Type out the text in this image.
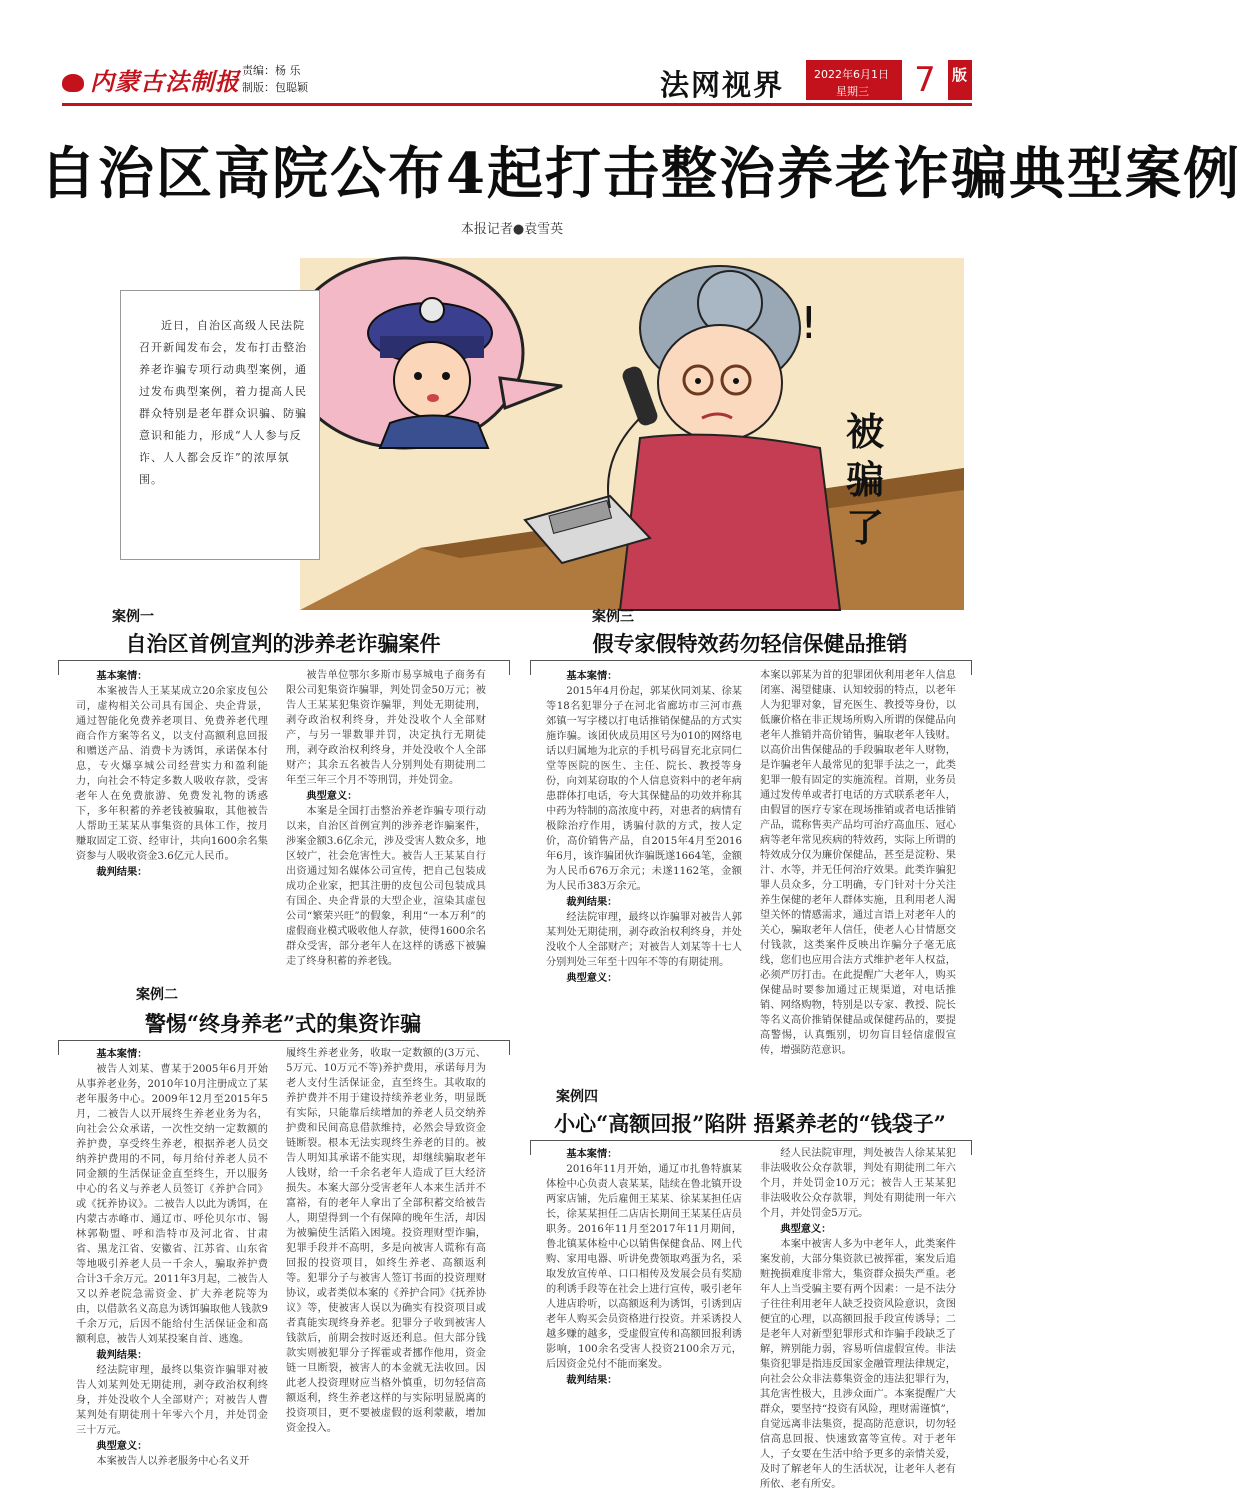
内蒙古法制报 责编：杨 乐
制版：包聪颖	法网视界	2022年6月1日
星期三	7	版
自治区高院公布4起打击整治养老诈骗典型案例
本报记者●袁雪英
!
被骗了
近日，自治区高级人民法院召开新闻发布会，发布打击整治养老诈骗专项行动典型案例，通过发布典型案例，着力提高人民群众特别是老年群众识骗、防骗意识和能力，形成“人人参与反诈、人人都会反诈”的浓厚氛围。
案例一
自治区首例宣判的涉养老诈骗案件

基本案情：

本案被告人王某某成立20余家皮包公司，虚构相关公司具有国企、央企背景，通过智能化免费养老项目、免费养老代理商合作方案等名义，以支付高额利息回报和赠送产品、消费卡为诱饵，承诺保本付息，专火爆享城公司经营实力和盈利能力，向社会不特定多数人吸收存款，受害老年人在免费旅游、免费发礼物的诱惑下，多年积蓄的养老钱被骗取，其他被告人帮助王某某从事集资的具体工作，按月赚取固定工资、经审计，共向1600余名集资参与人吸收资金3.6亿元人民币。

裁判结果：

被告单位鄂尔多斯市易享城电子商务有限公司犯集资诈骗罪，判处罚金50万元；被告人王某某犯集资诈骗罪，判处无期徒刑，剥夺政治权利终身，并处没收个人全部财产，与另一罪数罪并罚，决定执行无期徒刑，剥夺政治权利终身，并处没收个人全部财产；其余五名被告人分别判处有期徒刑二年至三年三个月不等刑罚，并处罚金。

典型意义：

本案是全国打击整治养老诈骗专项行动以来，自治区首例宣判的涉养老诈骗案件，涉案金额3.6亿余元，涉及受害人数众多，地区较广，社会危害性大。被告人王某某自行出资通过知名媒体公司宣传，把自己包装成成功企业家，把其注册的皮包公司包装成具有国企、央企背景的大型企业，渲染其虚包公司“繁荣兴旺”的假象，利用“一本万利”的虚假商业模式吸收他人存款，使得1600余名群众受害，部分老年人在这样的诱惑下被骗走了终身积蓄的养老钱。

案例二
警惕“终身养老”式的集资诈骗

基本案情：

被告人刘某、曹某于2005年6月开始从事养老业务，2010年10月注册成立了某老年服务中心。2009年12月至2015年5月，二被告人以开展终生养老业务为名，向社会公众承诺，一次性交纳一定数额的养护费，享受终生养老，根据养老人员交纳养护费用的不同，每月给付养老人员不同金额的生活保证金直至终生，开以服务中心的名义与养老人员签订《养护合同》或《抚养协议》。二被告人以此为诱饵，在内蒙古赤峰市、通辽市、呼伦贝尔市、锡林郭勒盟、呼和浩特市及河北省、甘肃省、黑龙江省、安徽省、江苏省、山东省等地吸引养老人员一千余人，骗取养护费合计3千余万元。2011年3月起，二被告人又以养老院急需资金、扩大养老院等为由，以借款名义高息为诱饵骗取他人钱款9千余万元，后因不能给付生活保证金和高额利息，被告人刘某投案自首、逃逸。

裁判结果：

经法院审理，最终以集资诈骗罪对被告人刘某判处无期徒刑，剥夺政治权利终身，并处没收个人全部财产；对被告人曹某判处有期徒刑十年零六个月，并处罚金三十万元。

典型意义：

本案被告人以养老服务中心名义开

履终生养老业务，收取一定数额的(3万元、5万元、10万元不等)养护费用，承诺每月为老人支付生活保证金，直至终生。其收取的养护费并不用于建设持续养老业务，明显既有实际，只能靠后续增加的养老人员交纳养护费和民间高息借款维持，必然会导致资金链断裂。根本无法实现终生养老的目的。被告人明知其承诺不能实现，却继续骗取老年人钱财，给一千余名老年人造成了巨大经济损失。本案大部分受害老年人本来生活并不富裕，有的老年人拿出了全部积蓄交给被告人，期望得到一个有保障的晚年生活，却因为被骗使生活陷入困境。投资理财型诈骗，犯罪手段并不高明，多是向被害人谎称有高回报的投资项目，如终生养老、高额返利等。犯罪分子与被害人签订书面的投资理财协议，或者类似本案的《养护合同》《抚养协议》等，使被害人误以为确实有投资项目或者真能实现终身养老。犯罪分子收到被害人钱款后，前期会按时返还利息。但大部分钱款实则被犯罪分子挥霍或者挪作他用，资金链一旦断裂，被害人的本金就无法收回。因此老人投资理财应当格外慎重，切勿轻信高额返利，终生养老这样的与实际明显脱离的投资项目，更不要被虚假的返利蒙蔽，增加资金投入。

案例三
假专家假特效药勿轻信保健品推销

基本案情：

2015年4月份起，郭某伙同刘某、徐某等18名犯罪分子在河北省廊坊市三河市燕郊镇一写字楼以打电话推销保健品的方式实施诈骗。该团伙成员用区号为010的网络电话以归属地为北京的手机号码冒充北京同仁堂等医院的医生、主任、院长、教授等身份，向刘某窃取的个人信息资料中的老年病患群体打电话，夸大其保健品的功效并称其中药为特制的高浓度中药，对患者的病情有极除治疗作用，诱骗付款的方式，按人定价，高价销售产品，自2015年4月至2016年6月，该诈骗团伙诈骗既遂1664笔，金额为人民币676万余元；未遂1162笔，金额为人民币383万余元。

裁判结果：

经法院审理，最终以诈骗罪对被告人郭某判处无期徒刑，剥夺政治权利终身，并处没收个人全部财产；对被告人刘某等十七人分别判处三年至十四年不等的有期徒刑。

典型意义：

本案以郭某为首的犯罪团伙利用老年人信息闭塞、渴望健康、认知较弱的特点，以老年人为犯罪对象，冒充医生、教授等身份，以低廉价格在非正规场所购入所谓的保健品向老年人推销并高价销售，骗取老年人钱财。以高价出售保健品的手段骗取老年人财物，是诈骗老年人最常见的犯罪手法之一，此类犯罪一般有固定的实施流程。首期，业务员通过发传单或者打电话的方式联系老年人，由假冒的医疗专家在现场推销或者电话推销产品，谎称售卖产品均可治疗高血压、冠心病等老年常见疾病的特效药，实际上所谓的特效成分仅为廉价保健品，甚至是淀粉、果汁、水等，并无任何治疗效果。此类诈骗犯罪人员众多，分工明确，专门针对十分关注养生保健的老年人群体实施，且利用老人渴望关怀的情感需求，通过言语上对老年人的关心，骗取老年人信任，使老人心甘情愿交付钱款，这类案件反映出诈骗分子毫无底线，您们也应用合法方式维护老年人权益，必须严厉打击。在此提醒广大老年人，购买保健品时要参加通过正规渠道，对电话推销、网络购物，特别是以专家、教授、院长等名义高价推销保健品或保健药品的，要提高警惕，认真甄别，切勿盲目轻信虚假宣传，增强防范意识。

案例四
小心“高额回报”陷阱 捂紧养老的“钱袋子”

基本案情：

2016年11月开始，通辽市扎鲁特旗某体检中心负责人袁某某，陆续在鲁北镇开设两家店铺，先后雇佣王某某、徐某某担任店长，徐某某担任二店店长期间王某某任店员职务。2016年11月至2017年11月期间，鲁北镇某体检中心以销售保健食品、网上代购、家用电器、听讲免费领取鸡蛋为名，采取发放宣传单、口口相传及发展会员有奖励的利诱手段等在社会上进行宣传，吸引老年人进店聆听，以高额返利为诱饵，引诱到店老年人购买会员资格进行投资。并采诱投人越多赚的越多，受虚假宣传和高额回报利诱影响，100余名受害人投资2100余万元，后因资金兑付不能而案发。

裁判结果：

经人民法院审理，判处被告人徐某某犯非法吸收公众存款罪，判处有期徒刑二年六个月，并处罚金10万元；被告人王某某犯非法吸收公众存款罪，判处有期徒刑一年六个月，并处罚金5万元。

典型意义：

本案中被害人多为中老年人，此类案件案发前，大部分集资款已被挥霍，案发后追赃挽损难度非常大，集资群众损失严重。老年人上当受骗主要有两个因素：一是不法分子往往利用老年人缺乏投资风险意识，贪图便宜的心理，以高额回报手段宣传诱导；二是老年人对新型犯罪形式和诈骗手段缺乏了解，辨别能力弱，容易听信虚假宣传。非法集资犯罪是指违反国家金融管理法律规定，向社会公众非法募集资金的违法犯罪行为，其危害性极大，且涉众面广。本案提醒广大群众，要坚持“投资有风险，理财需谨慎”，自觉远离非法集资，提高防范意识，切勿轻信高息回报、快速致富等宣传。对于老年人，子女要在生活中给予更多的亲情关爱，及时了解老年人的生活状况，让老年人老有所依、老有所安。
